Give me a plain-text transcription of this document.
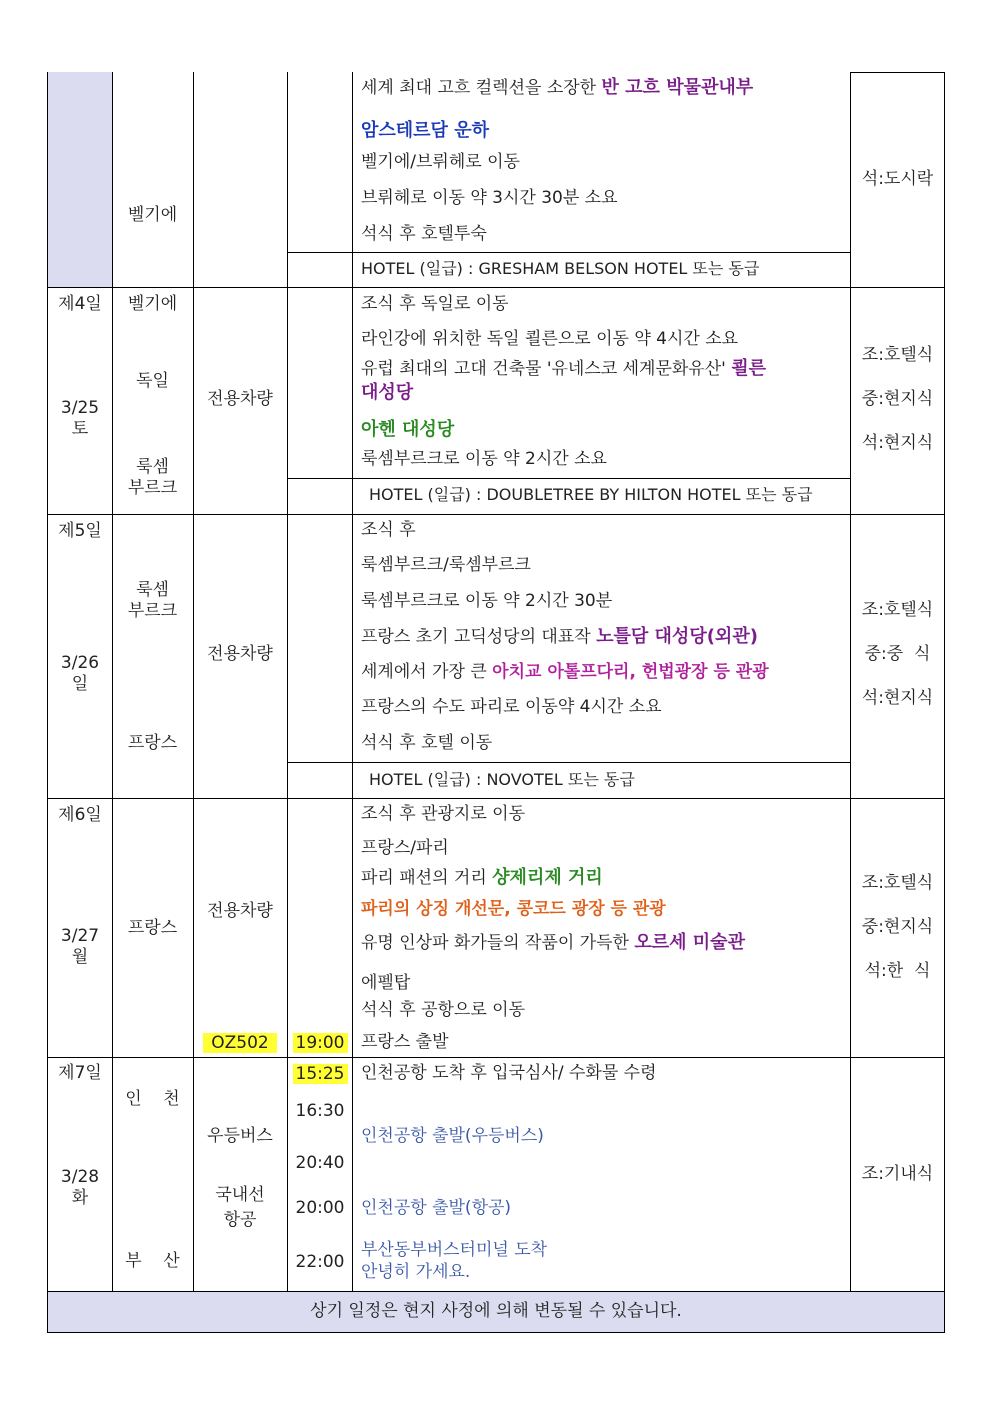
벨기에
세계 최대 고흐 컬렉션을 소장한 반 고흐 박물관내부
암스테르담 운하
벨기에/브뤼헤로 이동
브뤼헤로 이동 약 3시간 30분 소요
석식 후 호텔투숙
HOTEL (일급) : GRESHAM BELSON HOTEL 또는 동급
석:도시락
제4일
3/25
토
벨기에
독일
룩셈
부르크
전용차량
조식 후 독일로 이동
라인강에 위치한 독일 쾰른으로 이동 약 4시간 소요
유럽 최대의 고대 건축물 '유네스코 세계문화유산' 쾰른
대성당
아헨 대성당
룩셈부르크로 이동 약 2시간 소요
HOTEL (일급) : DOUBLETREE BY HILTON HOTEL 또는 동급
조:호텔식
중:현지식
석:현지식
제5일
3/26
일
룩셈
부르크
프랑스
전용차량
조식 후
룩셈부르크/룩셈부르크
룩셈부르크로 이동 약 2시간 30분
프랑스 초기 고딕성당의 대표작 노틀담 대성당(외관)
세계에서 가장 큰 아치교 아톨프다리, 헌법광장 등 관광
프랑스의 수도 파리로 이동약 4시간 소요
석식 후 호텔 이동
HOTEL (일급) : NOVOTEL 또는 동급
조:호텔식
중:중  식
석:현지식
제6일
3/27
월
프랑스
전용차량
OZ502	19:00
조식 후 관광지로 이동
프랑스/파리
파리 패션의 거리 샹제리제 거리
파리의 상징 개선문, 콩코드 광장 등 관광
유명 인상파 화가들의 작품이 가득한 오르세 미술관
에펠탑
석식 후 공항으로 이동
프랑스 출발
조:호텔식
중:현지식
석:한  식
제7일
3/28
화
인    천
부    산
우등버스
국내선
항공
15:25
16:30
20:40
20:00
22:00
인천공항 도착 후 입국심사/ 수화물 수령
인천공항 출발(우등버스)
인천공항 출발(항공)
부산동부버스터미널 도착
안녕히 가세요.
조:기내식
상기 일정은 현지 사정에 의해 변동될 수 있습니다.
